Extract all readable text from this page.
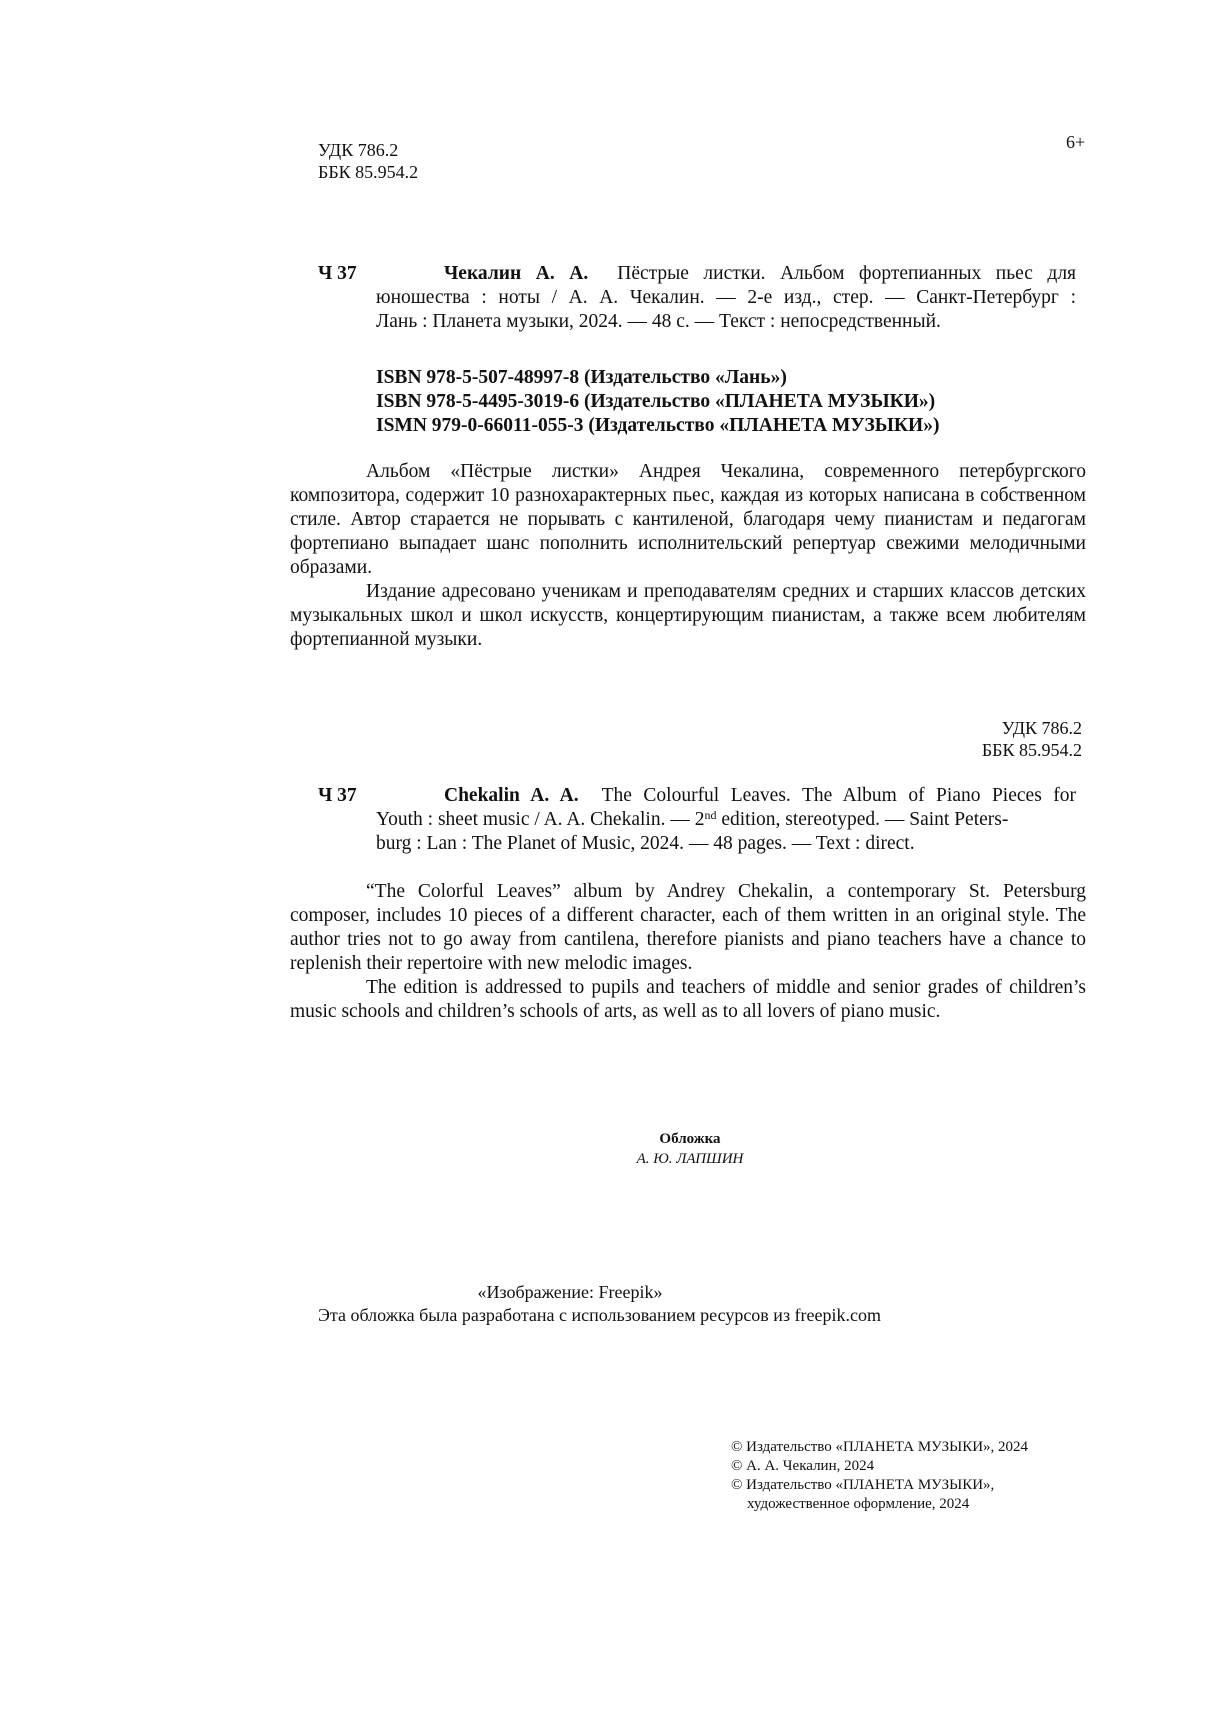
УДК 786.2
ББК 85.954.2
6+
Ч 37	Чекалин А. А. Пёстрые листки. Альбом фортепианных пьес для
юношества : ноты / А. А. Чекалин. — 2-е изд., стер. — Санкт-Петербург :
Лань : Планета музыки, 2024. — 48 с. — Текст : непосредственный.
ISBN 978-5-507-48997-8 (Издательство «Лань»)
ISBN 978-5-4495-3019-6 (Издательство «ПЛАНЕТА МУЗЫКИ»)
ISMN 979-0-66011-055-3 (Издательство «ПЛАНЕТА МУЗЫКИ»)

Альбом «Пёстрые листки» Андрея Чекалина, современного петербургского композитора, содержит 10 разнохарактерных пьес, каждая из которых написана в собственном стиле. Автор старается не порывать с кантиленой, благодаря чему пианистам и педагогам фортепиано выпадает шанс пополнить исполнительский репертуар свежими мелодичными образами.

Издание адресовано ученикам и преподавателям средних и старших классов детских музыкальных школ и школ искусств, концертирующим пианистам, а также всем любителям фортепианной музыки.

УДК 786.2
ББК 85.954.2
Ч 37	Chekalin A. A. The Colourful Leaves. The Album of Piano Pieces for
Youth : sheet music / A. A. Chekalin. — 2nd edition, stereotyped. — Saint Peters-
burg : Lan : The Planet of Music, 2024. — 48 pages. — Text : direct.

“The Colorful Leaves” album by Andrey Chekalin, a contemporary St. Petersburg composer, includes 10 pieces of a different character, each of them written in an original style. The author tries not to go away from cantilena, therefore pianists and piano teachers have a chance to replenish their repertoire with new melodic images.

The edition is addressed to pupils and teachers of middle and senior grades of children’s music schools and children’s schools of arts, as well as to all lovers of piano music.

Обложка
А. Ю. ЛАПШИН
«Изображение: Freepik»
Эта обложка была разработана с использованием ресурсов из freepik.com
© Издательство «ПЛАНЕТА МУЗЫКИ», 2024
© А. А. Чекалин, 2024
© Издательство «ПЛАНЕТА МУЗЫКИ»,
художественное оформление, 2024
